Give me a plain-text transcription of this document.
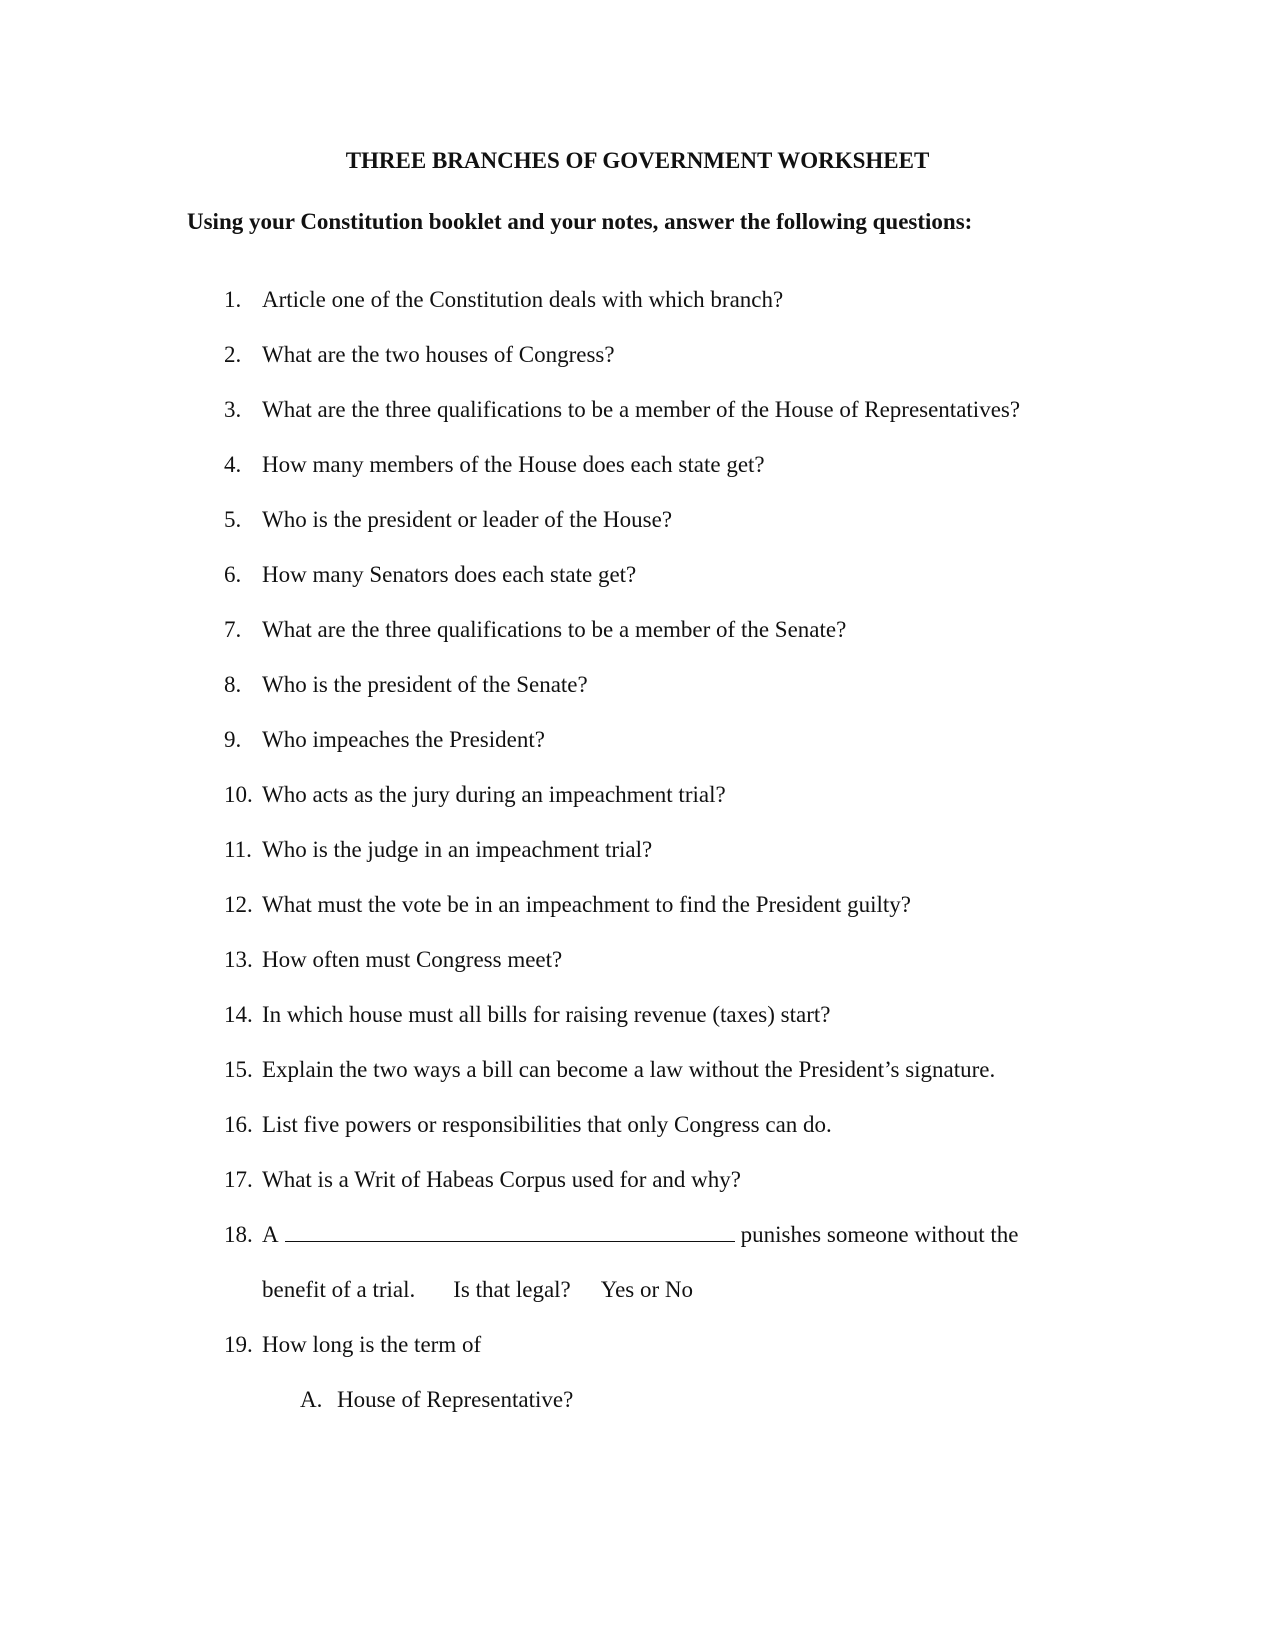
THREE BRANCHES OF GOVERNMENT WORKSHEET
Using your Constitution booklet and your notes, answer the following questions:
1. Article one of the Constitution deals with which branch?
2. What are the two houses of Congress?
3. What are the three qualifications to be a member of the House of Representatives?
4. How many members of the House does each state get?
5. Who is the president or leader of the House?
6. How many Senators does each state get?
7. What are the three qualifications to be a member of the Senate?
8. Who is the president of the Senate?
9. Who impeaches the President?
10. Who acts as the jury during an impeachment trial?
11. Who is the judge in an impeachment trial?
12. What must the vote be in an impeachment to find the President guilty?
13. How often must Congress meet?
14. In which house must all bills for raising revenue (taxes) start?
15. Explain the two ways a bill can become a law without the President’s signature.
16. List five powers or responsibilities that only Congress can do.
17. What is a Writ of Habeas Corpus used for and why?
18. A	punishes someone without the
benefit of a trial. Is that legal? Yes or No
19. How long is the term of
A. House of Representative?
